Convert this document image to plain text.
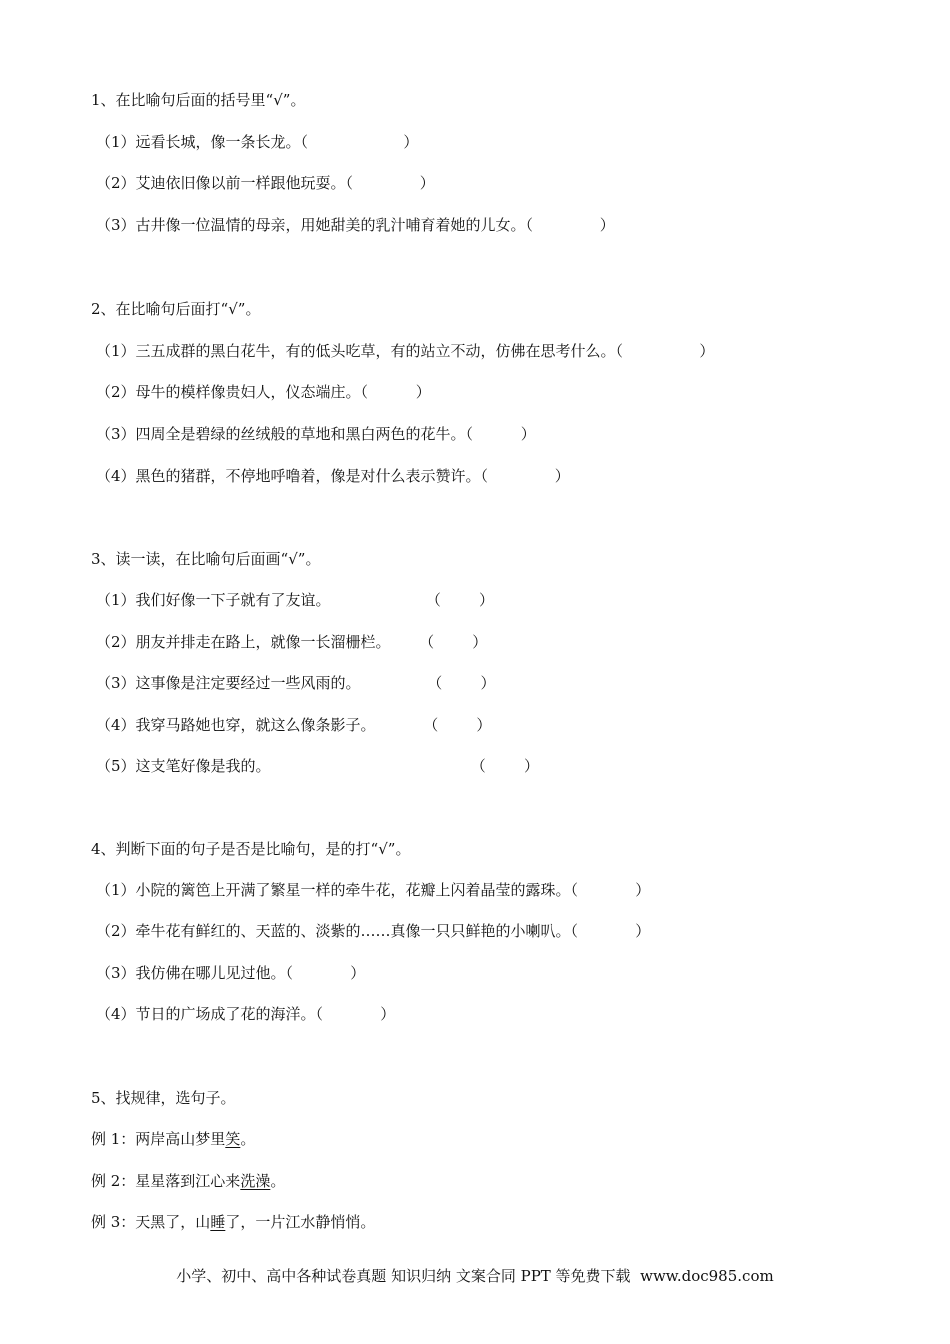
1、在比喻句后面的括号里“√”。
（1）远看长城，像一条长龙。（                    ）
（2）艾迪依旧像以前一样跟他玩耍。（              ）
（3）古井像一位温情的母亲，用她甜美的乳汁哺育着她的儿女。（              ）
2、在比喻句后面打“√”。
（1）三五成群的黑白花牛，有的低头吃草，有的站立不动，仿佛在思考什么。（                ）
（2）母牛的模样像贵妇人，仪态端庄。（          ）
（3）四周全是碧绿的丝绒般的草地和黑白两色的花牛。（          ）
（4）黑色的猪群，不停地呼噜着，像是对什么表示赞许。（              ）
3、读一读，在比喻句后面画“√”。
（1）我们好像一下子就有了友谊。                    （        ）
（2）朋友并排走在路上，就像一长溜栅栏。      （        ）
（3）这事像是注定要经过一些风雨的。              （        ）
（4）我穿马路她也穿，就这么像条影子。          （        ）
（5）这支笔好像是我的。                                          （        ）
4、判断下面的句子是否是比喻句，是的打“√”。
（1）小院的篱笆上开满了繁星一样的牵牛花，花瓣上闪着晶莹的露珠。（            ）
（2）牵牛花有鲜红的、天蓝的、淡紫的……真像一只只鲜艳的小喇叭。（            ）
（3）我仿佛在哪儿见过他。（            ）
（4）节日的广场成了花的海洋。（            ）
5、找规律，选句子。
例 1：两岸高山梦里笑。
例 2：星星落到江心来洗澡。
例 3：天黑了，山睡了，一片江水静悄悄。
小学、初中、高中各种试卷真题 知识归纳 文案合同 PPT 等免费下载  www.doc985.com
